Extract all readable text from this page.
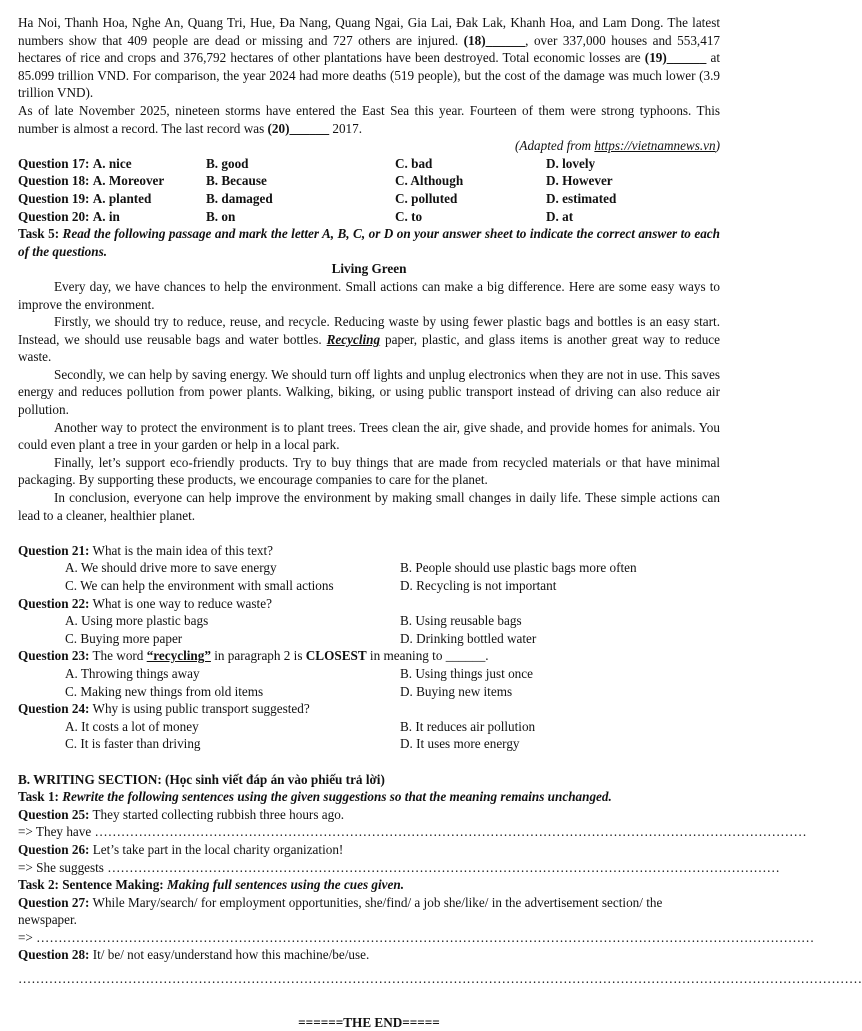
Ha Noi, Thanh Hoa, Nghe An, Quang Tri, Hue, Đa Nang, Quang Ngai, Gia Lai, Đak Lak, Khanh Hoa, and Lam Dong. The latest numbers show that 409 people are dead or missing and 727 others are injured. (18)______, over 337,000 houses and 553,417 hectares of rice and crops and 376,792 hectares of other plantations have been destroyed. Total economic losses are (19)______ at 85.099 trillion VND. For comparison, the year 2024 had more deaths (519 people), but the cost of the damage was much lower (3.9 trillion VND).

As of late November 2025, nineteen storms have entered the East Sea this year. Fourteen of them were strong typhoons. This number is almost a record. The last record was (20)______ 2017.

(Adapted from https://vietnamnews.vn)

Question 17: A. nice	B. good	C. bad	D. lovely
Question 18: A. Moreover	B. Because	C. Although	D. However
Question 19: A. planted	B. damaged	C. polluted	D. estimated
Question 20: A. in	B. on	C. to	D. at

Task 5: Read the following passage and mark the letter A, B, C, or D on your answer sheet to indicate the correct answer to each of the questions.

Living Green

Every day, we have chances to help the environment. Small actions can make a big difference. Here are some easy ways to improve the environment.

Firstly, we should try to reduce, reuse, and recycle. Reducing waste by using fewer plastic bags and bottles is an easy start. Instead, we should use reusable bags and water bottles. Recycling paper, plastic, and glass items is another great way to reduce waste.

Secondly, we can help by saving energy. We should turn off lights and unplug electronics when they are not in use. This saves energy and reduces pollution from power plants. Walking, biking, or using public transport instead of driving can also reduce air pollution.

Another way to protect the environment is to plant trees. Trees clean the air, give shade, and provide homes for animals. You could even plant a tree in your garden or help in a local park.

Finally, let’s support eco-friendly products. Try to buy things that are made from recycled materials or that have minimal packaging. By supporting these products, we encourage companies to care for the planet.

In conclusion, everyone can help improve the environment by making small changes in daily life. These simple actions can lead to a cleaner, healthier planet.

Question 21: What is the main idea of this text?

A. We should drive more to save energy	B. People should use plastic bags more often
C. We can help the environment with small actions	D. Recycling is not important

Question 22: What is one way to reduce waste?

A. Using more plastic bags	B. Using reusable bags
C. Buying more paper	D. Drinking bottled water

Question 23: The word “recycling” in paragraph 2 is CLOSEST in meaning to ______.

A. Throwing things away	B. Using things just once
C. Making new things from old items	D. Buying new items

Question 24: Why is using public transport suggested?

A. It costs a lot of money	B. It reduces air pollution
C. It is faster than driving	D. It uses more energy

B. WRITING SECTION: (Học sinh viết đáp án vào phiếu trả lời)

Task 1: Rewrite the following sentences using the given suggestions so that the meaning remains unchanged.

Question 25: They started collecting rubbish three hours ago.

=> They have ………………………………………………………………………………………………………………………………………………

Question 26: Let’s take part in the local charity organization!

=> She suggests ………………………………………………………………………………………………………………………………………

Task 2: Sentence Making: Making full sentences using the cues given.

Question 27: While Mary/search/ for employment opportunities, she/find/ a job she/like/ in the advertisement section/ the newspaper.

=> ……………………………………………………………………………………………………………………………………………………………

Question 28: It/ be/ not easy/understand how this machine/be/use.

…………………………………………………………………………………………………………………………………………………………………………

======THE END=====
